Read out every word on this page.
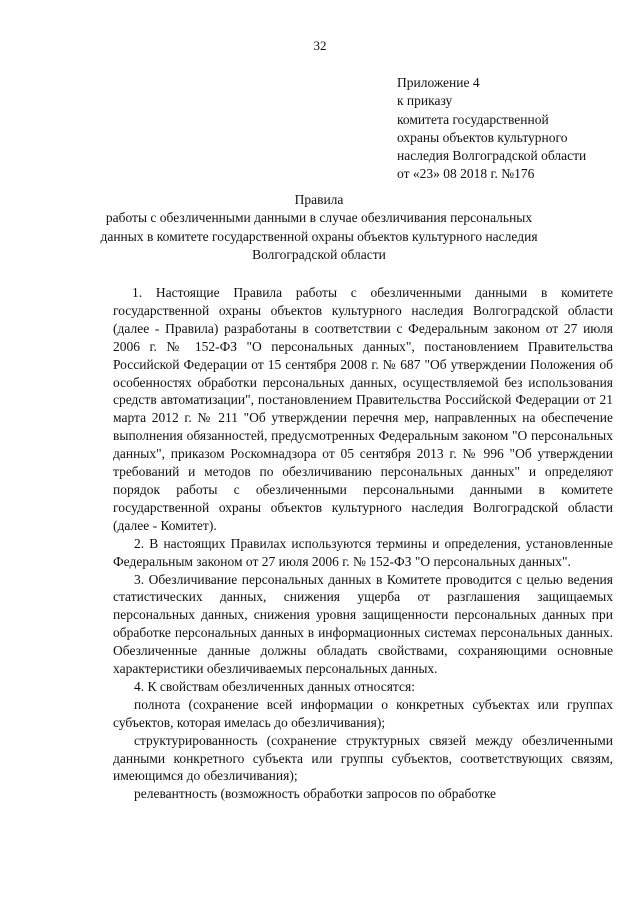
32
Приложение 4
к приказу
комитета государственной
охраны объектов культурного
наследия Волгоградской области
от «23» 08 2018 г. №176
Правила
работы с обезличенными данными в случае обезличивания персональных данных в комитете государственной охраны объектов культурного наследия Волгоградской области

1. Настоящие Правила работы с обезличенными данными в комитете государственной охраны объектов культурного наследия Волгоградской области (далее - Правила) разработаны в соответствии с Федеральным законом от 27 июля 2006 г. № 152-ФЗ "О персональных данных", постановлением Правительства Российской Федерации от 15 сентября 2008 г. № 687 "Об утверждении Положения об особенностях обработки персональных данных, осуществляемой без использования средств автоматизации", постановлением Правительства Российской Федерации от 21 марта 2012 г. № 211 "Об утверждении перечня мер, направленных на обеспечение выполнения обязанностей, предусмотренных Федеральным законом "О персональных данных", приказом Роскомнадзора от 05 сентября 2013 г. № 996 "Об утверждении требований и методов по обезличиванию персональных данных" и определяют порядок работы с обезличенными персональными данными в комитете государственной охраны объектов культурного наследия Волгоградской области (далее - Комитет).

2. В настоящих Правилах используются термины и определения, установленные Федеральным законом от 27 июля 2006 г. № 152-ФЗ "О персональных данных".

3. Обезличивание персональных данных в Комитете проводится с целью ведения статистических данных, снижения ущерба от разглашения защищаемых персональных данных, снижения уровня защищенности персональных данных при обработке персональных данных в информационных системах персональных данных. Обезличенные данные должны обладать свойствами, сохраняющими основные характеристики обезличиваемых персональных данных.

4. К свойствам обезличенных данных относятся:

полнота (сохранение всей информации о конкретных субъектах или группах субъектов, которая имелась до обезличивания);

структурированность (сохранение структурных связей между обезличенными данными конкретного субъекта или группы субъектов, соответствующих связям, имеющимся до обезличивания);

релевантность (возможность обработки запросов по обработке
